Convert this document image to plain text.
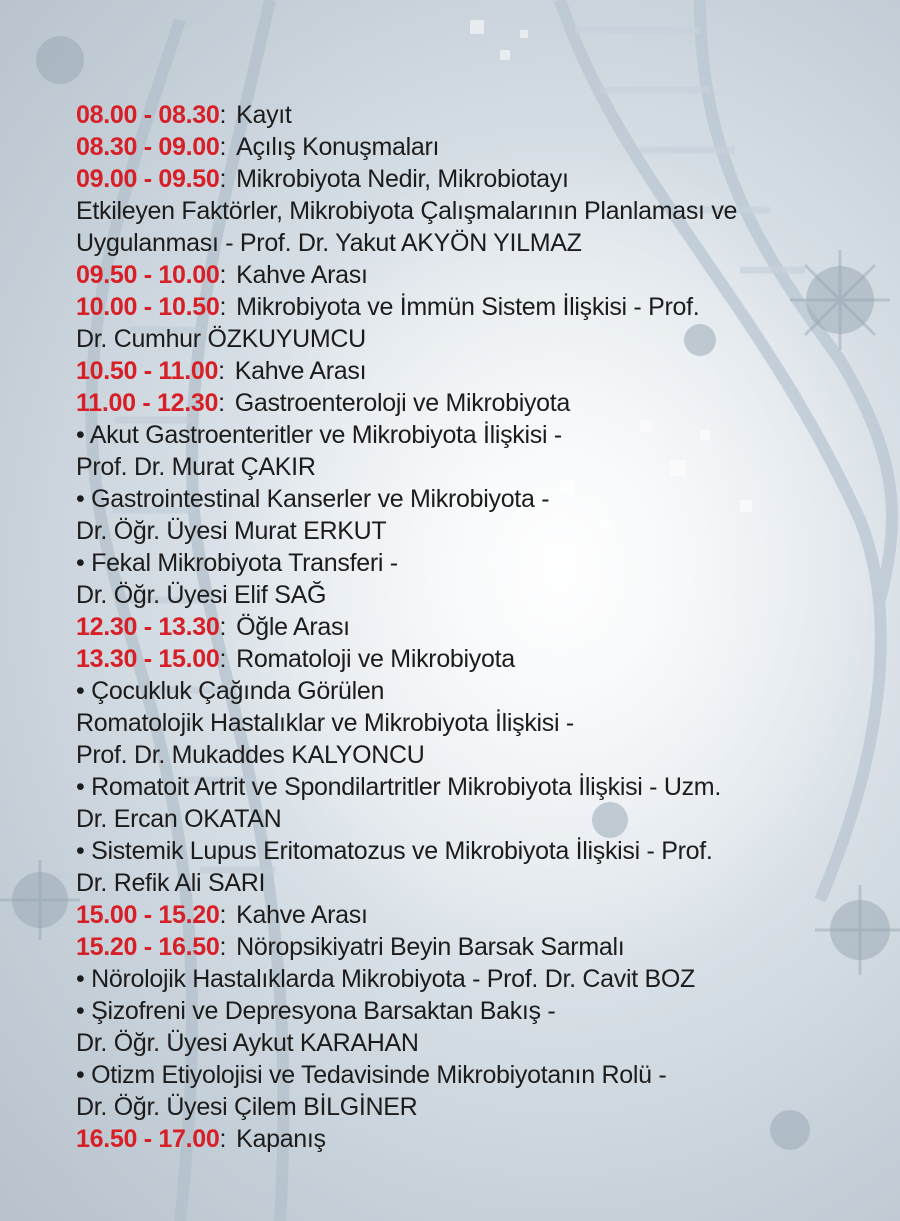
08.00 - 08.30: Kayıt
08.30 - 09.00: Açılış Konuşmaları
09.00 - 09.50: Mikrobiyota Nedir, Mikrobiotayı
Etkileyen Faktörler, Mikrobiyota Çalışmalarının Planlaması ve
Uygulanması - Prof. Dr. Yakut AKYÖN YILMAZ
09.50 - 10.00: Kahve Arası
10.00 - 10.50: Mikrobiyota ve İmmün Sistem İlişkisi - Prof.
Dr. Cumhur ÖZKUYUMCU
10.50 - 11.00: Kahve Arası
11.00 - 12.30: Gastroenteroloji ve Mikrobiyota
• Akut Gastroenteritler ve Mikrobiyota İlişkisi -
Prof. Dr. Murat ÇAKIR
• Gastrointestinal Kanserler ve Mikrobiyota -
Dr. Öğr. Üyesi Murat ERKUT
• Fekal Mikrobiyota Transferi -
Dr. Öğr. Üyesi Elif SAĞ
12.30 - 13.30: Öğle Arası
13.30 - 15.00: Romatoloji ve Mikrobiyota
• Çocukluk Çağında Görülen
Romatolojik Hastalıklar ve Mikrobiyota İlişkisi -
Prof. Dr. Mukaddes KALYONCU
• Romatoit Artrit ve Spondilartritler Mikrobiyota İlişkisi - Uzm.
Dr. Ercan OKATAN
• Sistemik Lupus Eritomatozus ve Mikrobiyota İlişkisi - Prof.
Dr. Refik Ali SARI
15.00 - 15.20: Kahve Arası
15.20 - 16.50: Nöropsikiyatri Beyin Barsak Sarmalı
• Nörolojik Hastalıklarda Mikrobiyota - Prof. Dr. Cavit BOZ
• Şizofreni ve Depresyona Barsaktan Bakış -
Dr. Öğr. Üyesi Aykut KARAHAN
• Otizm Etiyolojisi ve Tedavisinde Mikrobiyotanın Rolü -
Dr. Öğr. Üyesi Çilem BİLGİNER
16.50 - 17.00: Kapanış
